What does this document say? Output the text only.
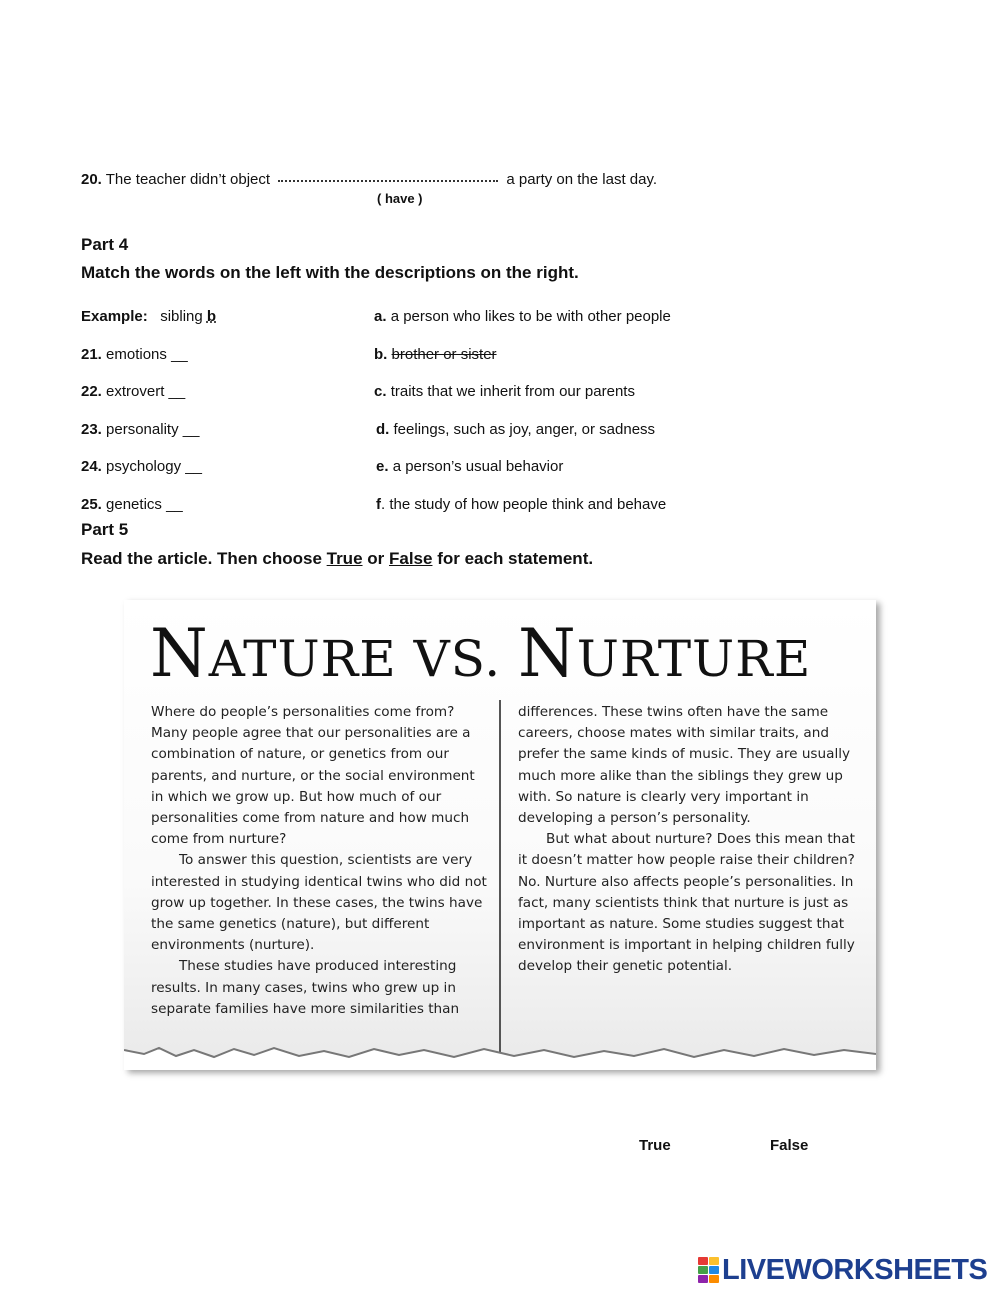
20. The teacher didn’t object	a party on the last day.
( have )
Part 4
Match the words on the left with the descriptions on the right.
Example: sibling b
21. emotions __
22. extrovert __
23. personality __
24. psychology __
25. genetics __
a. a person who likes to be with other people
b. brother or sister
c. traits that we inherit from our parents
d. feelings, such as joy, anger, or sadness
e. a person’s usual behavior
f. the study of how people think and behave
Part 5
Read the article. Then choose True or False for each statement.
NATURE VS. NURTURE

Where do people’s personalities come from? Many people agree that our personalities are a combination of nature, or genetics from our parents, and nurture, or the social environment in which we grow up. But how much of our personalities come from nature and how much come from nurture?

To answer this question, scientists are very interested in studying identical twins who did not grow up together. In these cases, the twins have the same genetics (nature), but different environments (nurture).

These studies have produced interesting results. In many cases, twins who grew up in separate families have more similarities than

differences. These twins often have the same careers, choose mates with similar traits, and prefer the same kinds of music. They are usually much more alike than the siblings they grew up with. So nature is clearly very important in developing a person’s personality.

But what about nurture? Does this mean that it doesn’t matter how people raise their children? No. Nurture also affects people’s personalities. In fact, many scientists think that nurture is just as important as nature. Some studies suggest that environment is important in helping children fully develop their genetic potential.

True	False
LIVEWORKSHEETS
